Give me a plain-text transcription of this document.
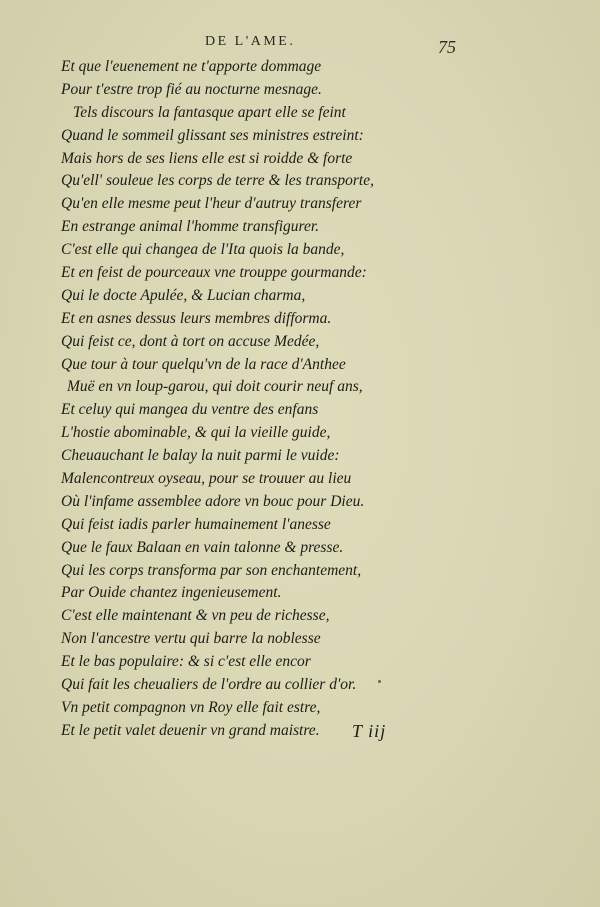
DE L'AME.	75
Et que l'euenement ne t'apporte dommage
Pour t'estre trop fié au nocturne mesnage.
Tels discours la fantasque apart elle se feint
Quand le sommeil glissant ses ministres estreint:
Mais hors de ses liens elle est si roidde & forte
Qu'ell' souleue les corps de terre & les transporte,
Qu'en elle mesme peut l'heur d'autruy transferer
En estrange animal l'homme transfigurer.
C'est elle qui changea de l'Ita quois la bande,
Et en feist de pourceaux vne trouppe gourmande:
Qui le docte Apulée, & Lucian charma,
Et en asnes dessus leurs membres difforma.
Qui feist ce, dont à tort on accuse Medée,
Que tour à tour quelqu'vn de la race d'Anthee
Muë en vn loup-garou, qui doit courir neuf ans,
Et celuy qui mangea du ventre des enfans
L'hostie abominable, & qui la vieille guide,
Cheuauchant le balay la nuit parmi le vuide:
Malencontreux oyseau, pour se trouuer au lieu
Où l'infame assemblee adore vn bouc pour Dieu.
Qui feist iadis parler humainement l'anesse
Que le faux Balaan en vain talonne & presse.
Qui les corps transforma par son enchantement,
Par Ouide chantez ingenieusement.
C'est elle maintenant & vn peu de richesse,
Non l'ancestre vertu qui barre la noblesse
Et le bas populaire: & si c'est elle encor
Qui fait les cheualiers de l'ordre au collier d'or.
Vn petit compagnon vn Roy elle fait estre,
Et le petit valet deuenir vn grand maistre.	T iij
